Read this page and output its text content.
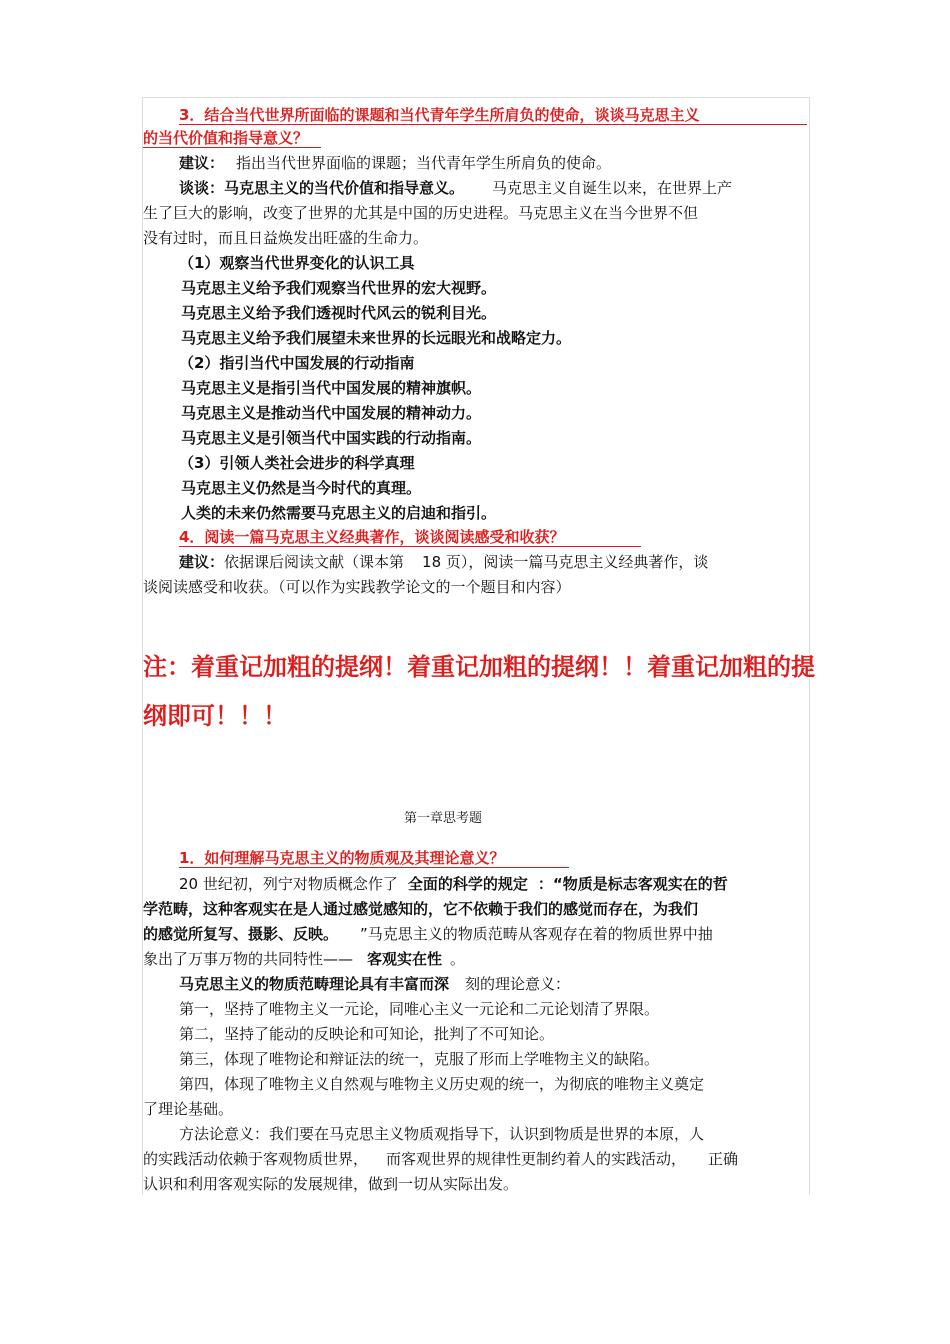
3．结合当代世界所面临的课题和当代青年学生所肩负的使命，谈谈马克思主义
的当代价值和指导意义？
建议： 指出当代世界面临的课题；当代青年学生所肩负的使命。
谈谈：马克思主义的当代价值和指导意义。 马克思主义自诞生以来，在世界上产
生了巨大的影响，改变了世界的尤其是中国的历史进程。马克思主义在当今世界不但
没有过时，而且日益焕发出旺盛的生命力。
（1）观察当代世界变化的认识工具
马克思主义给予我们观察当代世界的宏大视野。
马克思主义给予我们透视时代风云的锐利目光。
马克思主义给予我们展望未来世界的长远眼光和战略定力。
（2）指引当代中国发展的行动指南
马克思主义是指引当代中国发展的精神旗帜。
马克思主义是推动当代中国发展的精神动力。
马克思主义是引领当代中国实践的行动指南。
（3）引领人类社会进步的科学真理
马克思主义仍然是当今时代的真理。
人类的未来仍然需要马克思主义的启迪和指引。
4．阅读一篇马克思主义经典著作，谈谈阅读感受和收获？
建议：依据课后阅读文献（课本第 18 页），阅读一篇马克思主义经典著作，谈
谈阅读感受和收获。（可以作为实践教学论文的一个题目和内容）
注：着重记加粗的提纲！着重记加粗的提纲！！着重记加粗的提
纲即可！！！
第一章思考题
1．如何理解马克思主义的物质观及其理论意义？
20 世纪初，列宁对物质概念作了 全面的科学的规定 ：“物质是标志客观实在的哲
学范畴，这种客观实在是人通过感觉感知的，它不依赖于我们的感觉而存在，为我们
的感觉所复写、摄影、反映。 ”马克思主义的物质范畴从客观存在着的物质世界中抽
象出了万事万物的共同特性—— 客观实在性 。
马克思主义的物质范畴理论具有丰富而深 刻的理论意义：
第一，坚持了唯物主义一元论，同唯心主义一元论和二元论划清了界限。
第二，坚持了能动的反映论和可知论，批判了不可知论。
第三，体现了唯物论和辩证法的统一，克服了形而上学唯物主义的缺陷。
第四，体现了唯物主义自然观与唯物主义历史观的统一，为彻底的唯物主义奠定
了理论基础。
方法论意义：我们要在马克思主义物质观指导下，认识到物质是世界的本原，人
的实践活动依赖于客观物质世界， 而客观世界的规律性更制约着人的实践活动， 正确
认识和利用客观实际的发展规律，做到一切从实际出发。
